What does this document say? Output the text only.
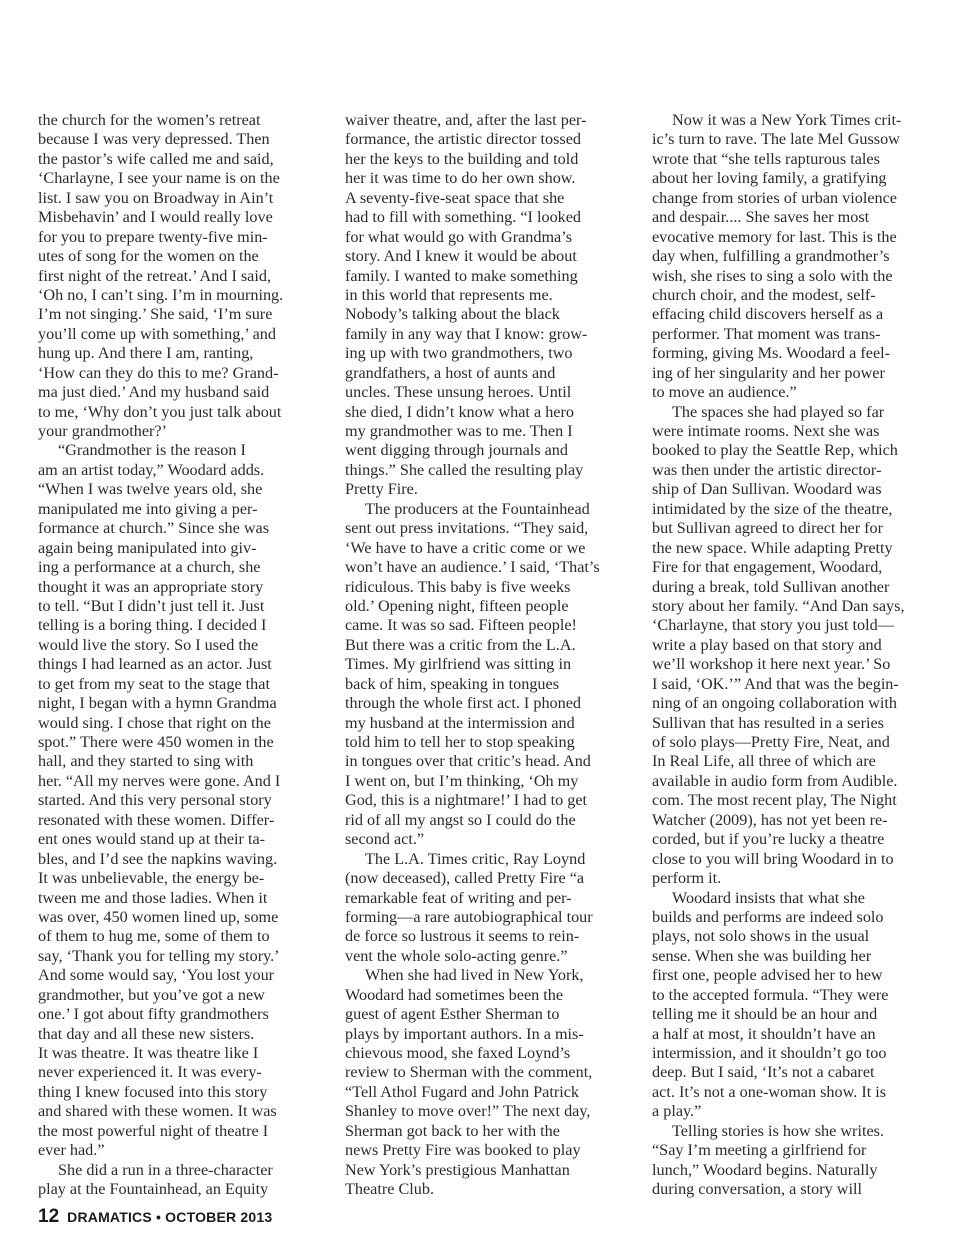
the church for the women’s retreat
because I was very depressed. Then
the pastor’s wife called me and said,
‘Charlayne, I see your name is on the
list. I saw you on Broadway in Ain’t
Misbehavin’ and I would really love
for you to prepare twenty-five min-
utes of song for the women on the
first night of the retreat.’ And I said,
‘Oh no, I can’t sing. I’m in mourning.
I’m not singing.’ She said, ‘I’m sure
you’ll come up with something,’ and
hung up. And there I am, ranting,
‘How can they do this to me? Grand-
ma just died.’ And my husband said
to me, ‘Why don’t you just talk about
your grandmother?’
“Grandmother is the reason I
am an artist today,” Woodard adds.
“When I was twelve years old, she
manipulated me into giving a per-
formance at church.” Since she was
again being manipulated into giv-
ing a performance at a church, she
thought it was an appropriate story
to tell. “But I didn’t just tell it. Just
telling is a boring thing. I decided I
would live the story. So I used the
things I had learned as an actor. Just
to get from my seat to the stage that
night, I began with a hymn Grandma
would sing. I chose that right on the
spot.” There were 450 women in the
hall, and they started to sing with
her. “All my nerves were gone. And I
started. And this very personal story
resonated with these women. Differ-
ent ones would stand up at their ta-
bles, and I’d see the napkins waving.
It was unbelievable, the energy be-
tween me and those ladies. When it
was over, 450 women lined up, some
of them to hug me, some of them to
say, ‘Thank you for telling my story.’
And some would say, ‘You lost your
grandmother, but you’ve got a new
one.’ I got about fifty grandmothers
that day and all these new sisters.
It was theatre. It was theatre like I
never experienced it. It was every-
thing I knew focused into this story
and shared with these women. It was
the most powerful night of theatre I
ever had.”
She did a run in a three-character
play at the Fountainhead, an Equity
waiver theatre, and, after the last per-
formance, the artistic director tossed
her the keys to the building and told
her it was time to do her own show.
A seventy-five-seat space that she
had to fill with something. “I looked
for what would go with Grandma’s
story. And I knew it would be about
family. I wanted to make something
in this world that represents me.
Nobody’s talking about the black
family in any way that I know: grow-
ing up with two grandmothers, two
grandfathers, a host of aunts and
uncles. These unsung heroes. Until
she died, I didn’t know what a hero
my grandmother was to me. Then I
went digging through journals and
things.” She called the resulting play
Pretty Fire.
The producers at the Fountainhead
sent out press invitations. “They said,
‘We have to have a critic come or we
won’t have an audience.’ I said, ‘That’s
ridiculous. This baby is five weeks
old.’ Opening night, fifteen people
came. It was so sad. Fifteen people!
But there was a critic from the L.A.
Times. My girlfriend was sitting in
back of him, speaking in tongues
through the whole first act. I phoned
my husband at the intermission and
told him to tell her to stop speaking
in tongues over that critic’s head. And
I went on, but I’m thinking, ‘Oh my
God, this is a nightmare!’ I had to get
rid of all my angst so I could do the
second act.”
The L.A. Times critic, Ray Loynd
(now deceased), called Pretty Fire “a
remarkable feat of writing and per-
forming—a rare autobiographical tour
de force so lustrous it seems to rein-
vent the whole solo-acting genre.”
When she had lived in New York,
Woodard had sometimes been the
guest of agent Esther Sherman to
plays by important authors. In a mis-
chievous mood, she faxed Loynd’s
review to Sherman with the comment,
“Tell Athol Fugard and John Patrick
Shanley to move over!” The next day,
Sherman got back to her with the
news Pretty Fire was booked to play
New York’s prestigious Manhattan
Theatre Club.
Now it was a New York Times crit-
ic’s turn to rave. The late Mel Gussow
wrote that “she tells rapturous tales
about her loving family, a gratifying
change from stories of urban violence
and despair.... She saves her most
evocative memory for last. This is the
day when, fulfilling a grandmother’s
wish, she rises to sing a solo with the
church choir, and the modest, self-
effacing child discovers herself as a
performer. That moment was trans-
forming, giving Ms. Woodard a feel-
ing of her singularity and her power
to move an audience.”
The spaces she had played so far
were intimate rooms. Next she was
booked to play the Seattle Rep, which
was then under the artistic director-
ship of Dan Sullivan. Woodard was
intimidated by the size of the theatre,
but Sullivan agreed to direct her for
the new space. While adapting Pretty
Fire for that engagement, Woodard,
during a break, told Sullivan another
story about her family. “And Dan says,
‘Charlayne, that story you just told—
write a play based on that story and
we’ll workshop it here next year.’ So
I said, ‘OK.’” And that was the begin-
ning of an ongoing collaboration with
Sullivan that has resulted in a series
of solo plays—Pretty Fire, Neat, and
In Real Life, all three of which are
available in audio form from Audible.
com. The most recent play, The Night
Watcher (2009), has not yet been re-
corded, but if you’re lucky a theatre
close to you will bring Woodard in to
perform it.
Woodard insists that what she
builds and performs are indeed solo
plays, not solo shows in the usual
sense. When she was building her
first one, people advised her to hew
to the accepted formula. “They were
telling me it should be an hour and
a half at most, it shouldn’t have an
intermission, and it shouldn’t go too
deep. But I said, ‘It’s not a cabaret
act. It’s not a one-woman show. It is
a play.”
Telling stories is how she writes.
“Say I’m meeting a girlfriend for
lunch,” Woodard begins. Naturally
during conversation, a story will
12 DRAMATICS • OCTOBER 2013
